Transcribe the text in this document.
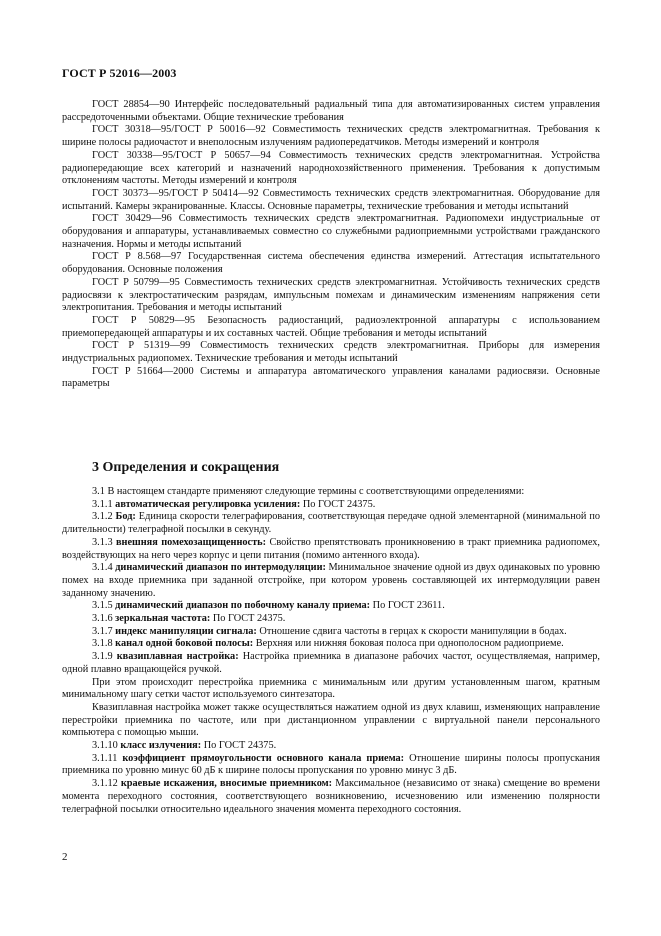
ГОСТ Р 52016—2003

ГОСТ 28854—90 Интерфейс последовательный радиальный типа для автоматизированных систем управления рассредоточенными объектами. Общие технические требования

ГОСТ 30318—95/ГОСТ Р 50016—92 Совместимость технических средств электромагнитная. Требования к ширине полосы радиочастот и внеполосным излучениям радиопередатчиков. Методы измерений и контроля

ГОСТ 30338—95/ГОСТ Р 50657—94 Совместимость технических средств электромагнитная. Устройства радиопередающие всех категорий и назначений народнохозяйственного применения. Требования к допустимым отклонениям частоты. Методы измерений и контроля

ГОСТ 30373—95/ГОСТ Р 50414—92 Совместимость технических средств электромагнитная. Оборудование для испытаний. Камеры экранированные. Классы. Основные параметры, технические требования и методы испытаний

ГОСТ 30429—96 Совместимость технических средств электромагнитная. Радиопомехи индустриальные от оборудования и аппаратуры, устанавливаемых совместно со служебными радиоприемными устройствами гражданского назначения. Нормы и методы испытаний

ГОСТ Р 8.568—97 Государственная система обеспечения единства измерений. Аттестация испытательного оборудования. Основные положения

ГОСТ Р 50799—95 Совместимость технических средств электромагнитная. Устойчивость технических средств радиосвязи к электростатическим разрядам, импульсным помехам и динамическим изменениям напряжения сети электропитания. Требования и методы испытаний

ГОСТ Р 50829—95 Безопасность радиостанций, радиоэлектронной аппаратуры с использованием приемопередающей аппаратуры и их составных частей. Общие требования и методы испытаний

ГОСТ Р 51319—99 Совместимость технических средств электромагнитная. Приборы для измерения индустриальных радиопомех. Технические требования и методы испытаний

ГОСТ Р 51664—2000 Системы и аппаратура автоматического управления каналами радиосвязи. Основные параметры

3 Определения и сокращения

3.1 В настоящем стандарте применяют следующие термины с соответствующими определениями:

3.1.1 автоматическая регулировка усиления: По ГОСТ 24375.

3.1.2 Бод: Единица скорости телеграфирования, соответствующая передаче одной элементарной (минимальной по длительности) телеграфной посылки в секунду.

3.1.3 внешняя помехозащищенность: Свойство препятствовать проникновению в тракт приемника радиопомех, воздействующих на него через корпус и цепи питания (помимо антенного входа).

3.1.4 динамический диапазон по интермодуляции: Минимальное значение одной из двух одинаковых по уровню помех на входе приемника при заданной отстройке, при котором уровень составляющей их интермодуляции равен заданному значению.

3.1.5 динамический диапазон по побочному каналу приема: По ГОСТ 23611.

3.1.6 зеркальная частота: По ГОСТ 24375.

3.1.7 индекс манипуляции сигнала: Отношение сдвига частоты в герцах к скорости манипуляции в бодах.

3.1.8 канал одной боковой полосы: Верхняя или нижняя боковая полоса при однополосном радиоприеме.

3.1.9 квазиплавная настройка: Настройка приемника в диапазоне рабочих частот, осуществляемая, например, одной плавно вращающейся ручкой.

При этом происходит перестройка приемника с минимальным или другим установленным шагом, кратным минимальному шагу сетки частот используемого синтезатора.

Квазиплавная настройка может также осуществляться нажатием одной из двух клавиш, изменяющих направление перестройки приемника по частоте, или при дистанционном управлении с виртуальной панели персонального компьютера с помощью мыши.

3.1.10 класс излучения: По ГОСТ 24375.

3.1.11 коэффициент прямоугольности основного канала приема: Отношение ширины полосы пропускания приемника по уровню минус 60 дБ к ширине полосы пропускания по уровню минус 3 дБ.

3.1.12 краевые искажения, вносимые приемником: Максимальное (независимо от знака) смещение во времени момента переходного состояния, соответствующего возникновению, исчезновению или изменению полярности телеграфной посылки относительно идеального значения момента переходного состояния.

2
